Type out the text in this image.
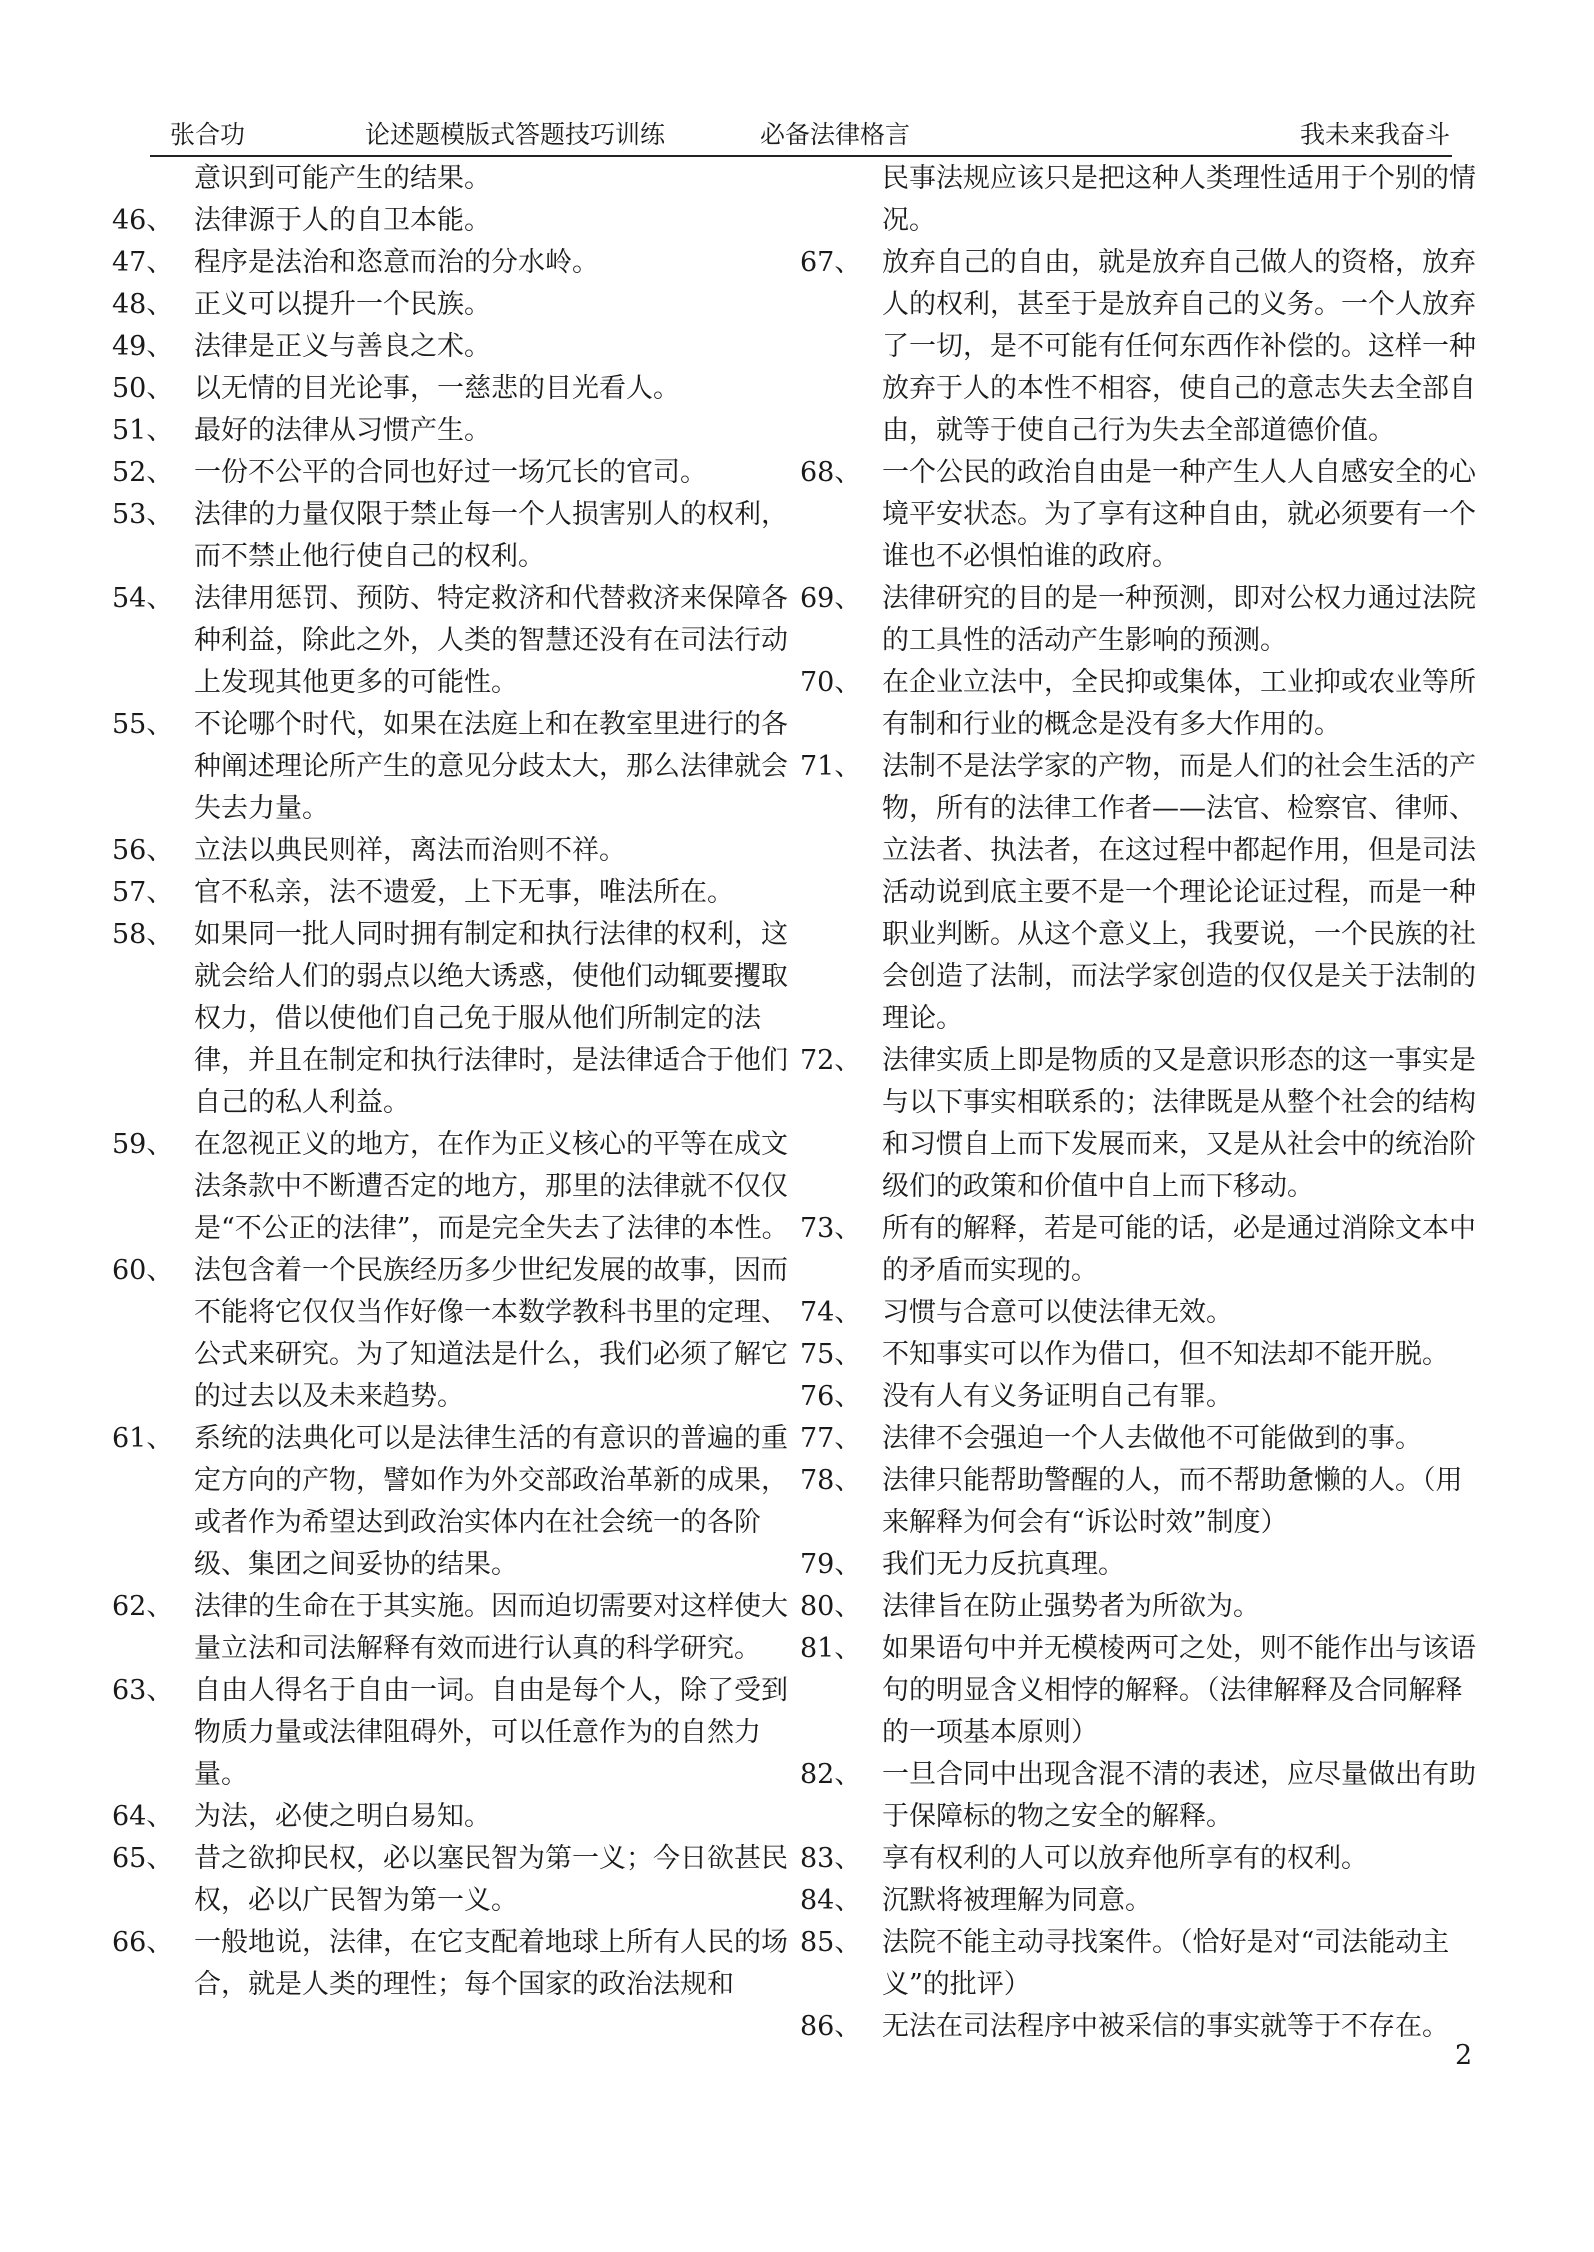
张合功	论述题模版式答题技巧训练	必备法律格言	我未来我奋斗
意识到可能产生的结果。
46、 法律源于人的自卫本能。
47、 程序是法治和恣意而治的分水岭。
48、 正义可以提升一个民族。
49、 法律是正义与善良之术。
50、 以无情的目光论事，一慈悲的目光看人。
51、 最好的法律从习惯产生。
52、 一份不公平的合同也好过一场冗长的官司。
53、 法律的力量仅限于禁止每一个人损害别人的权利，而不禁止他行使自己的权利。
54、 法律用惩罚、预防、特定救济和代替救济来保障各种利益，除此之外，人类的智慧还没有在司法行动上发现其他更多的可能性。
55、 不论哪个时代，如果在法庭上和在教室里进行的各种阐述理论所产生的意见分歧太大，那么法律就会失去力量。
56、 立法以典民则祥，离法而治则不祥。
57、 官不私亲，法不遗爱，上下无事，唯法所在。
58、 如果同一批人同时拥有制定和执行法律的权利，这就会给人们的弱点以绝大诱惑，使他们动辄要攫取权力，借以使他们自己免于服从他们所制定的法律，并且在制定和执行法律时，是法律适合于他们自己的私人利益。
59、 在忽视正义的地方，在作为正义核心的平等在成文法条款中不断遭否定的地方，那里的法律就不仅仅是“不公正的法律”，而是完全失去了法律的本性。
60、 法包含着一个民族经历多少世纪发展的故事，因而不能将它仅仅当作好像一本数学教科书里的定理、公式来研究。为了知道法是什么，我们必须了解它的过去以及未来趋势。
61、 系统的法典化可以是法律生活的有意识的普遍的重定方向的产物，譬如作为外交部政治革新的成果，或者作为希望达到政治实体内在社会统一的各阶级、集团之间妥协的结果。
62、 法律的生命在于其实施。因而迫切需要对这样使大量立法和司法解释有效而进行认真的科学研究。
63、 自由人得名于自由一词。自由是每个人，除了受到物质力量或法律阻碍外，可以任意作为的自然力量。
64、 为法，必使之明白易知。
65、 昔之欲抑民权，必以塞民智为第一义；今日欲甚民权，必以广民智为第一义。
66、 一般地说，法律，在它支配着地球上所有人民的场合，就是人类的理性；每个国家的政治法规和
民事法规应该只是把这种人类理性适用于个别的情况。
67、 放弃自己的自由，就是放弃自己做人的资格，放弃人的权利，甚至于是放弃自己的义务。一个人放弃了一切，是不可能有任何东西作补偿的。这样一种放弃于人的本性不相容，使自己的意志失去全部自由，就等于使自己行为失去全部道德价值。
68、 一个公民的政治自由是一种产生人人自感安全的心境平安状态。为了享有这种自由，就必须要有一个谁也不必惧怕谁的政府。
69、 法律研究的目的是一种预测，即对公权力通过法院的工具性的活动产生影响的预测。
70、 在企业立法中，全民抑或集体，工业抑或农业等所有制和行业的概念是没有多大作用的。
71、 法制不是法学家的产物，而是人们的社会生活的产物，所有的法律工作者——法官、检察官、律师、立法者、执法者，在这过程中都起作用，但是司法活动说到底主要不是一个理论论证过程，而是一种职业判断。从这个意义上，我要说，一个民族的社会创造了法制，而法学家创造的仅仅是关于法制的理论。
72、 法律实质上即是物质的又是意识形态的这一事实是与以下事实相联系的；法律既是从整个社会的结构和习惯自上而下发展而来，又是从社会中的统治阶级们的政策和价值中自上而下移动。
73、 所有的解释，若是可能的话，必是通过消除文本中的矛盾而实现的。
74、 习惯与合意可以使法律无效。
75、 不知事实可以作为借口，但不知法却不能开脱。
76、 没有人有义务证明自己有罪。
77、 法律不会强迫一个人去做他不可能做到的事。
78、 法律只能帮助警醒的人，而不帮助惫懒的人。（用来解释为何会有“诉讼时效”制度）
79、 我们无力反抗真理。
80、 法律旨在防止强势者为所欲为。
81、 如果语句中并无模棱两可之处，则不能作出与该语句的明显含义相悖的解释。（法律解释及合同解释的一项基本原则）
82、 一旦合同中出现含混不清的表述，应尽量做出有助于保障标的物之安全的解释。
83、 享有权利的人可以放弃他所享有的权利。
84、 沉默将被理解为同意。
85、 法院不能主动寻找案件。（恰好是对“司法能动主义”的批评）
86、 无法在司法程序中被采信的事实就等于不存在。
2
